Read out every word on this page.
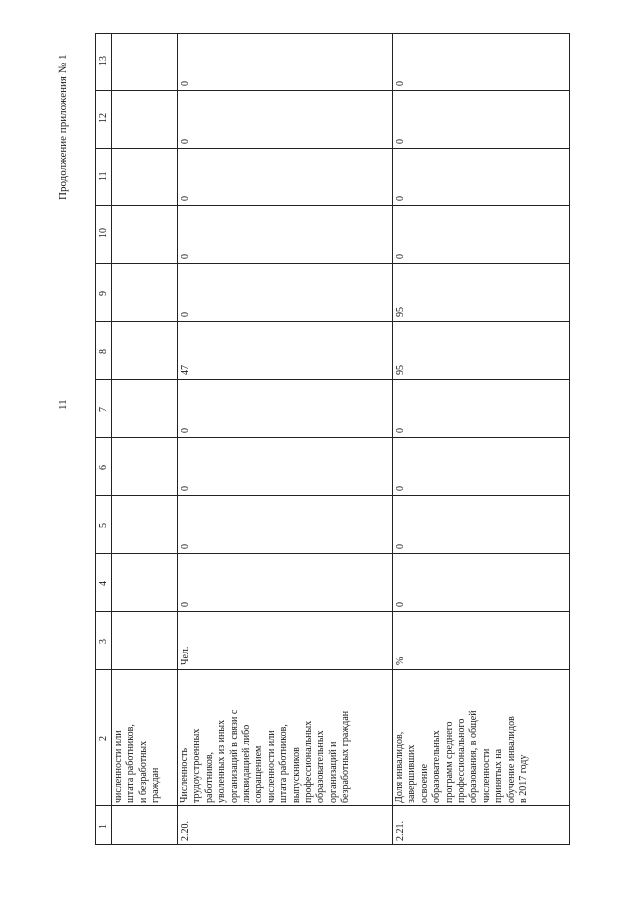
11
Продолжение приложения № 1	13
12
11
10
9
8
7
6
5
4
3
2
1
численности или
штата работников,
и безработных
граждан
2.20.
Численность
трудоустроенных
работников,
уволенных из иных
организаций в связи с
ликвидацией либо
сокращением
численности или
штата работников,
выпускников
профессиональных
образовательных
организаций и
безработных граждан
Чел.
0
0
0
0
47
0
0
0
0
0
2.21.
Доля инвалидов,
завершивших
освоение
образовательных
программ среднего
профессионального
образования, в общей
численности
принятых на
обучение инвалидов
в 2017 году
%
0
0
0
0
95
95
0
0
0
0
